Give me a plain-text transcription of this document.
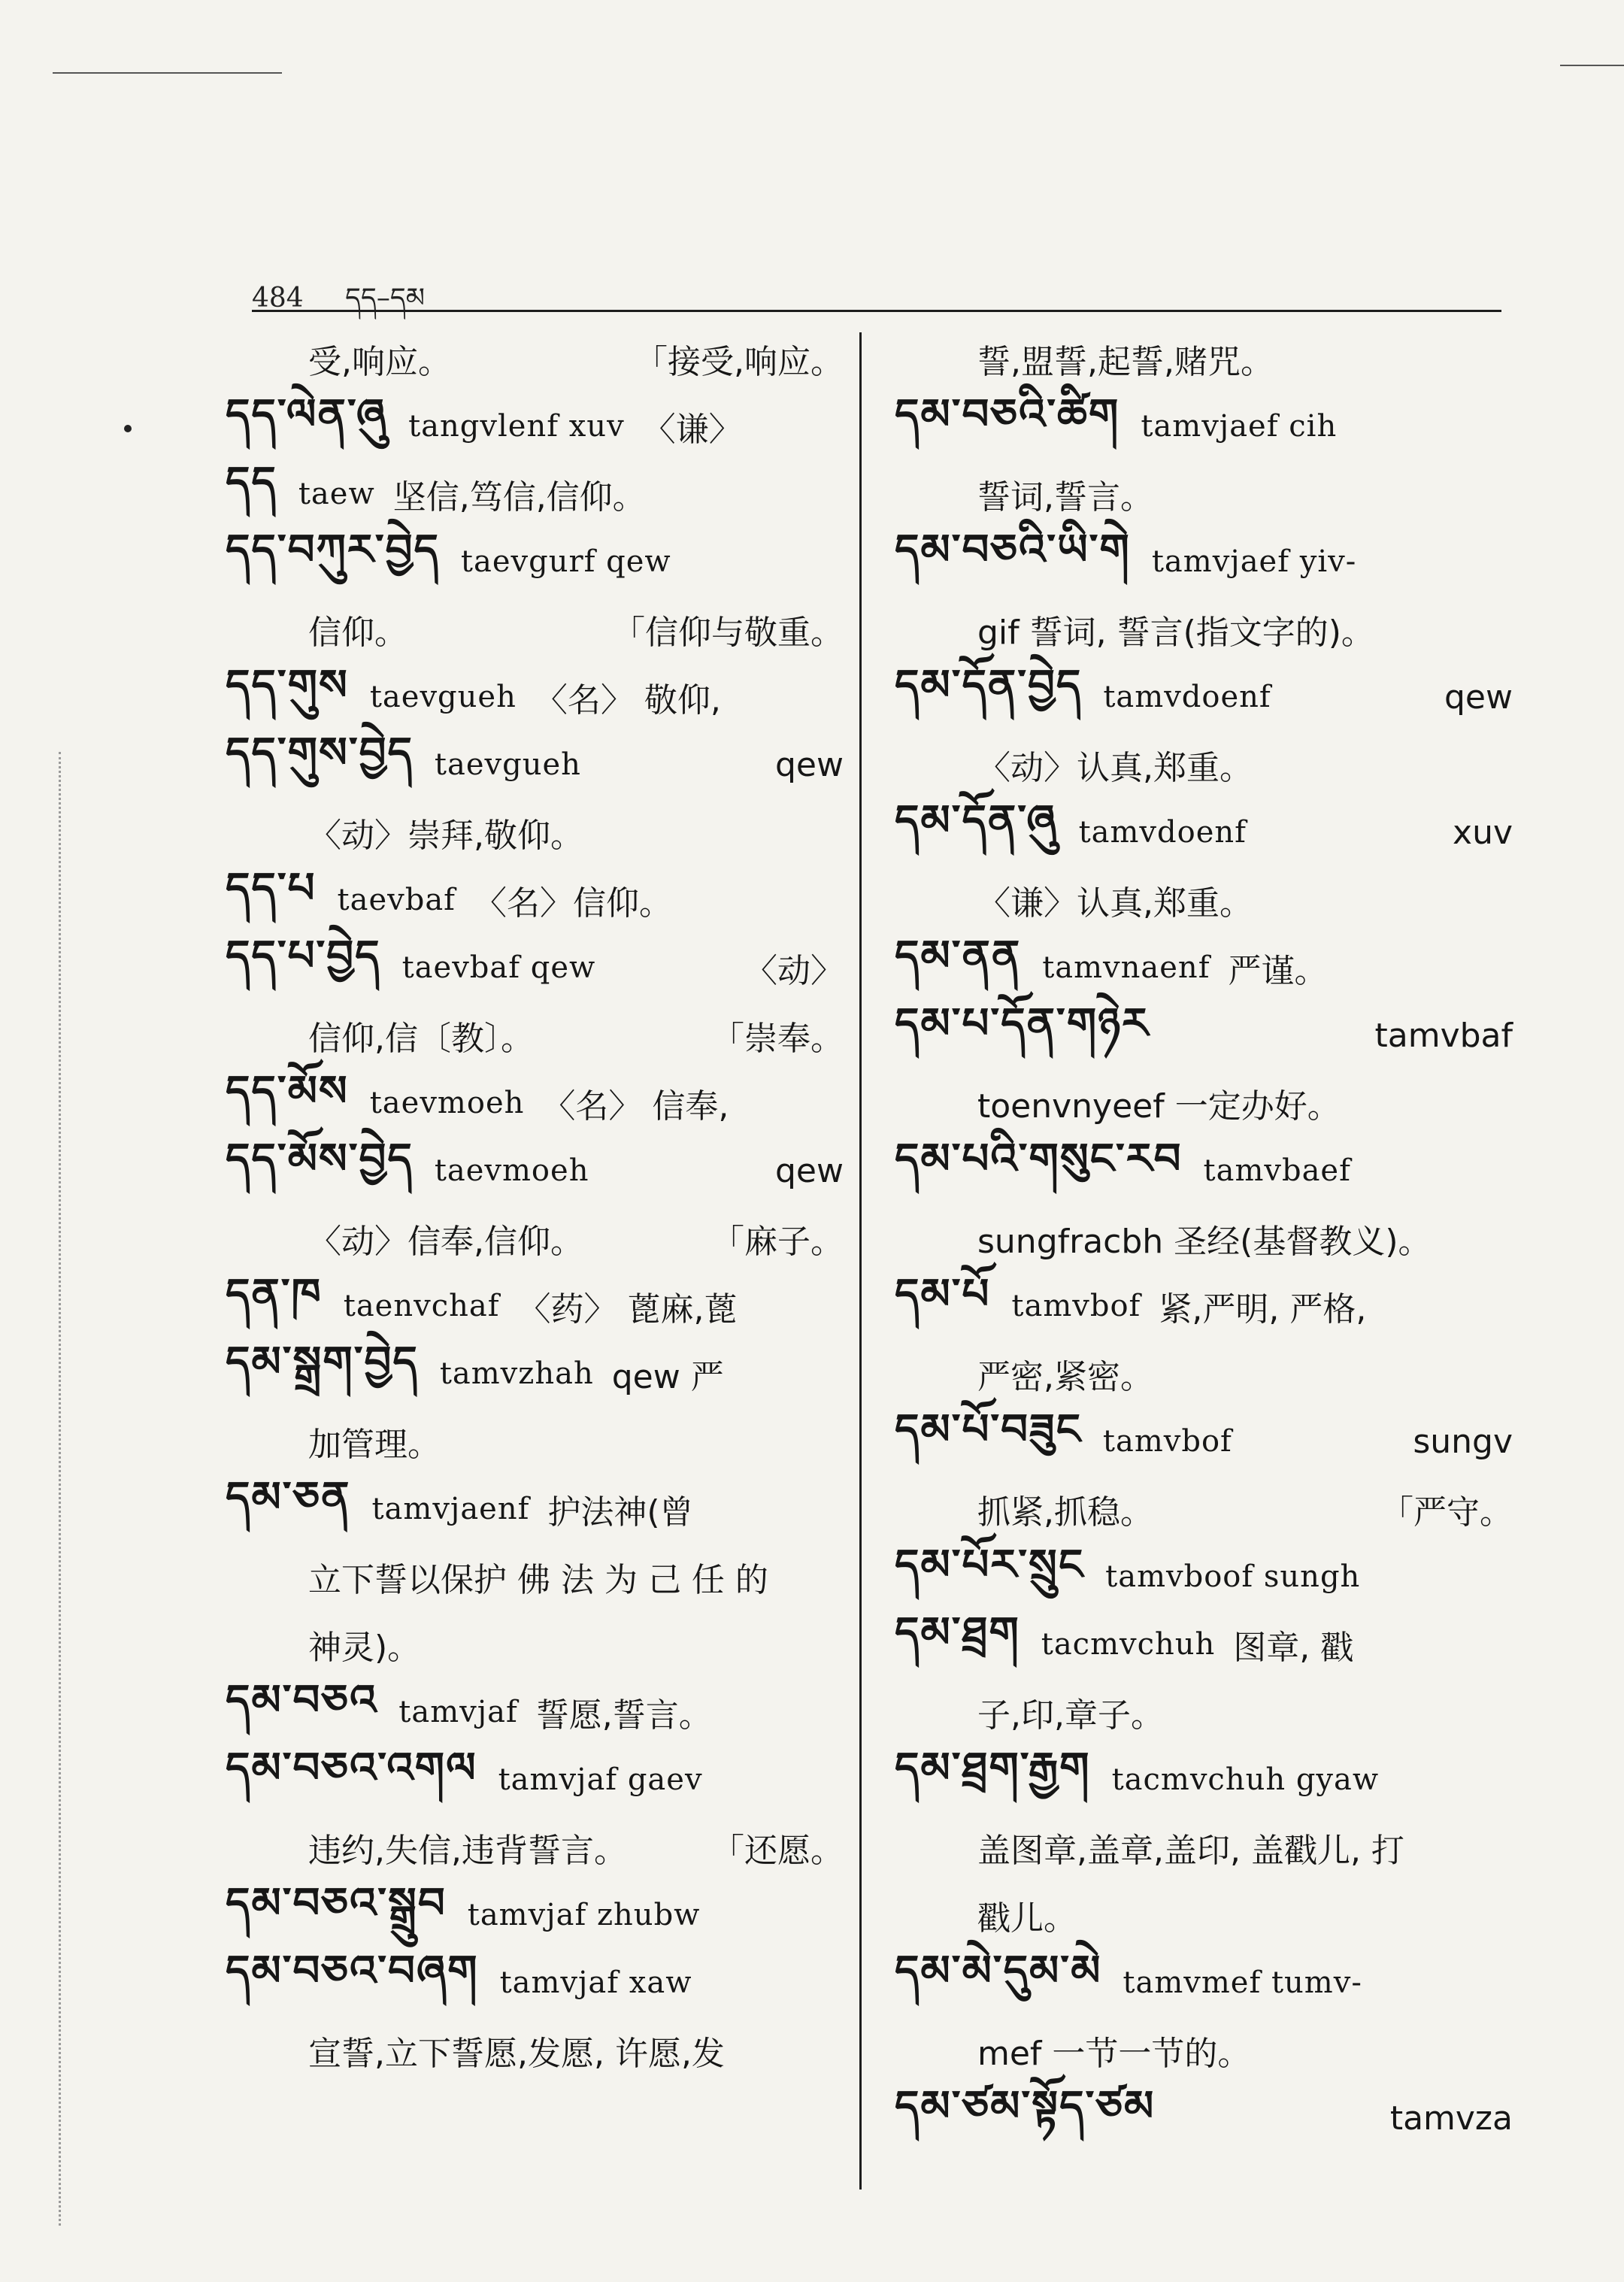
484 དད–དམ
受,响应。	「接受,响应。
དད་ལེན་ཞུ tangvlenf xuv 〈谦〉
དད taew 坚信,笃信,信仰。
དད་བཀུར་བྱེད taevgurf qew
信仰。	「信仰与敬重。
དད་གུས taevgueh 〈名〉 敬仰,
དད་གུས་བྱེད taevgueh	qew
〈动〉崇拜,敬仰。
དད་པ taevbaf 〈名〉信仰。
དད་པ་བྱེད taevbaf qew	〈动〉
信仰,信〔教〕。	「崇奉。
དད་མོས taevmoeh 〈名〉 信奉,
དད་མོས་བྱེད taevmoeh	qew
〈动〉信奉,信仰。	「麻子。
དན་ཁ taenvchaf 〈药〉 蓖麻,蓖
དམ་སྒྲག་བྱེད tamvzhah qew 严
加管理。
དམ་ཅན tamvjaenf 护法神(曾
立下誓以保护 佛 法 为 己 任 的
神灵)。
དམ་བཅའ tamvjaf 誓愿,誓言。
དམ་བཅའ་འགལ tamvjaf gaev
违约,失信,违背誓言。	「还愿。
དམ་བཅའ་སྒྲུབ tamvjaf zhubw
དམ་བཅའ་བཞག tamvjaf xaw
宣誓,立下誓愿,发愿, 许愿,发
誓,盟誓,起誓,赌咒。
དམ་བཅའི་ཚིག tamvjaef cih
誓词,誓言。
དམ་བཅའི་ཡི་གེ tamvjaef yiv-
gif 誓词, 誓言(指文字的)。
དམ་དོན་བྱེད tamvdoenf	qew
〈动〉认真,郑重。
དམ་དོན་ཞུ tamvdoenf	xuv
〈谦〉认真,郑重。
དམ་ནན tamvnaenf 严谨。
དམ་པ་དོན་གཉེར	tamvbaf
toenvnyeef 一定办好。
དམ་པའི་གསུང་རབ tamvbaef
sungfracbh 圣经(基督教义)。
དམ་པོ tamvbof 紧,严明, 严格,
严密,紧密。
དམ་པོ་བཟུང tamvbof	sungv
抓紧,抓稳。	「严守。
དམ་པོར་སྲུང tamvboof sungh
དམ་ཐྲག tacmvchuh 图章, 戳
子,印,章子。
དམ་ཐྲག་རྒྱག tacmvchuh gyaw
盖图章,盖章,盖印, 盖戳儿, 打
戳儿。
དམ་མེ་དུམ་མེ tamvmef tumv-
mef 一节一节的。
དམ་ཙམ་སྟོད་ཙམ	tamvza
